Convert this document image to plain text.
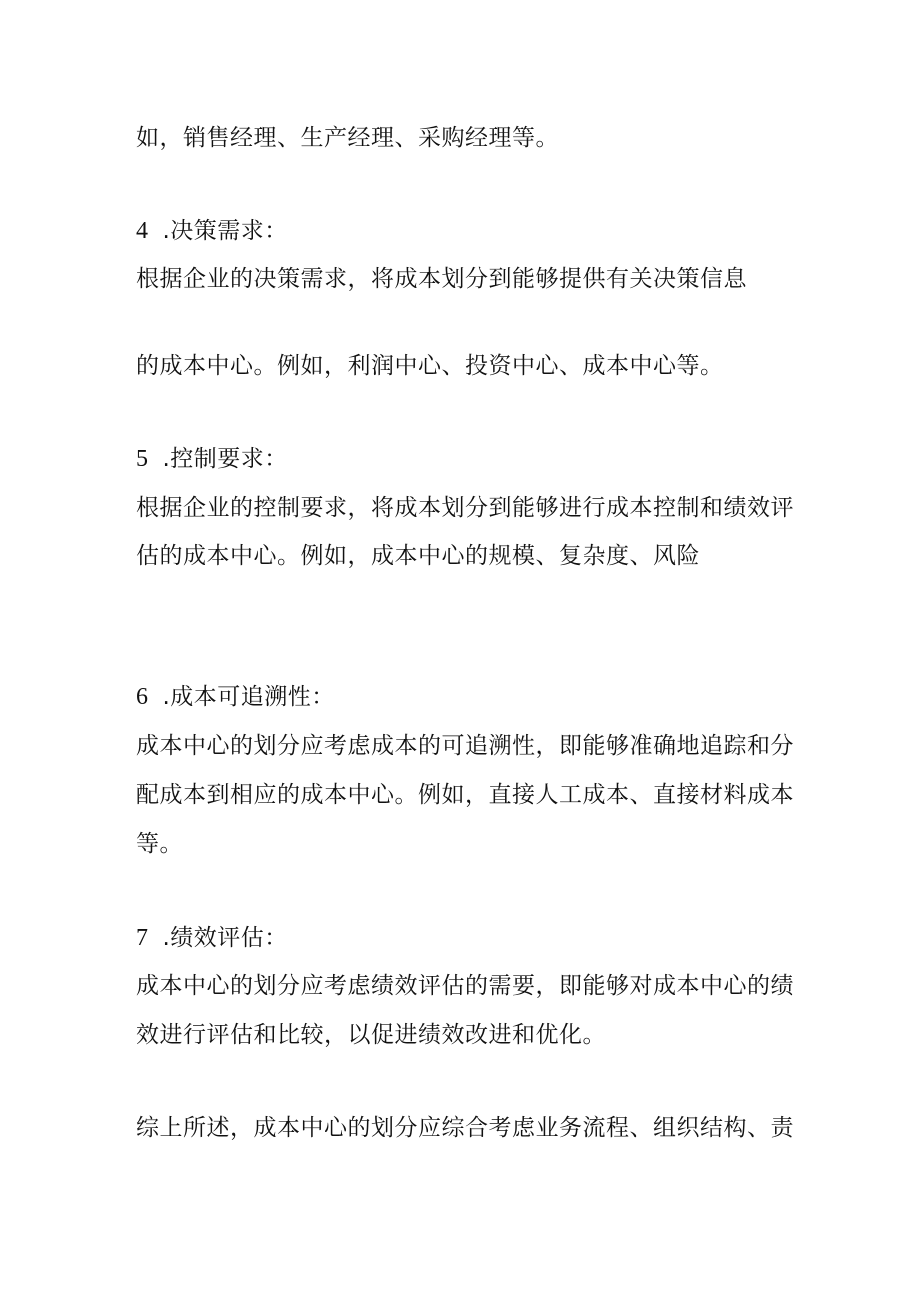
如，销售经理、生产经理、采购经理等。
4 .决策需求：
根据企业的决策需求，将成本划分到能够提供有关决策信息
的成本中心。例如，利润中心、投资中心、成本中心等。
5 .控制要求：
根据企业的控制要求，将成本划分到能够进行成本控制和绩效评
估的成本中心。例如，成本中心的规模、复杂度、风险
6 .成本可追溯性：
成本中心的划分应考虑成本的可追溯性，即能够准确地追踪和分
配成本到相应的成本中心。例如，直接人工成本、直接材料成本
等。
7 .绩效评估：
成本中心的划分应考虑绩效评估的需要，即能够对成本中心的绩
效进行评估和比较，以促进绩效改进和优化。
综上所述，成本中心的划分应综合考虑业务流程、组织结构、责
